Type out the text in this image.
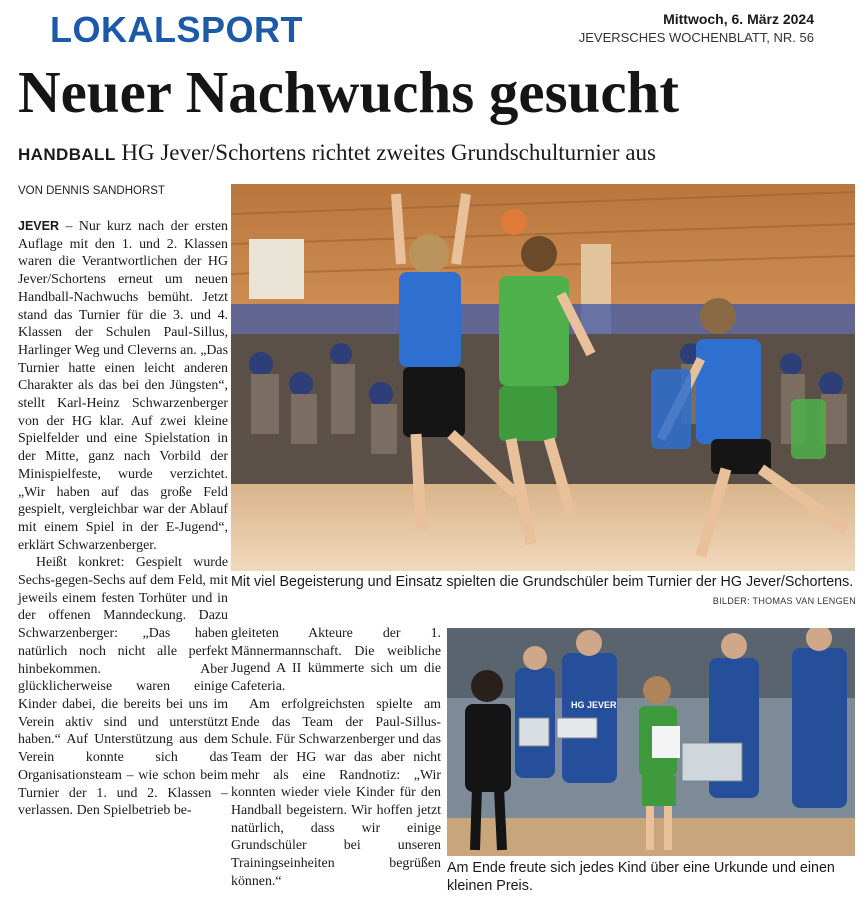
LOKALSPORT	Mittwoch, 6. März 2024
JEVERSCHES WOCHENBLATT, NR. 56
Neuer Nachwuchs gesucht
HANDBALL HG Jever/Schortens richtet zweites Grundschulturnier aus
VON DENNIS SANDHORST

JEVER – Nur kurz nach der ersten Auflage mit den 1. und 2. Klassen waren die Verantwortlichen der HG Jever/Schortens erneut um neuen Handball-Nachwuchs bemüht. Jetzt stand das Turnier für die 3. und 4. Klassen der Schulen Paul-Sillus, Harlinger Weg und Cleverns an. „Das Turnier hatte einen leicht anderen Charakter als das bei den Jüngsten“, stellt Karl-Heinz Schwarzenberger von der HG klar. Auf zwei kleine Spielfelder und eine Spielstation in der Mitte, ganz nach Vorbild der Minispielfeste, wurde verzichtet. „Wir haben auf das große Feld gespielt, vergleichbar war der Ablauf mit einem Spiel in der E-Jugend“, erklärt Schwarzenberger.

Heißt konkret: Gespielt wurde Sechs-gegen-Sechs auf dem Feld, mit jeweils einem festen Torhüter und in der offenen Manndeckung. Dazu Schwarzenberger: „Das haben natürlich noch nicht alle perfekt hinbekommen. Aber glücklicherweise waren einige Kinder dabei, die bereits bei uns im Verein aktiv sind und unterstützt haben.“ Auf Unterstützung aus dem Verein konnte sich das Organisationsteam – wie schon beim Turnier der 1. und 2. Klassen – verlassen. Den Spielbetrieb be-

gleiteten Akteure der 1. Männermannschaft. Die weibliche Jugend A II kümmerte sich um die Cafeteria.

Am erfolgreichsten spielte am Ende das Team der Paul-Sillus-Schule. Für Schwarzenberger und das Team der HG war das aber nicht mehr als eine Randnotiz: „Wir konnten wieder viele Kinder für den Handball begeistern. Wir hoffen jetzt natürlich, dass wir einige Grundschüler bei unseren Trainingseinheiten begrüßen können.“

Mit viel Begeisterung und Einsatz spielten die Grundschüler beim Turnier der HG Jever/Schortens.
BILDER: THOMAS VAN LENGEN
HG JEVER
Am Ende freute sich jedes Kind über eine Urkunde und einen kleinen Preis.
